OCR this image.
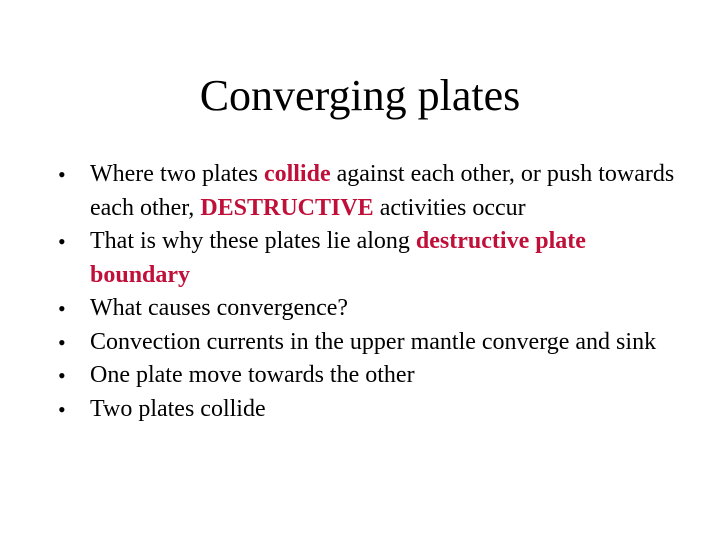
Converging plates
•	Where two plates collide against each other, or push towards each other, DESTRUCTIVE activities occur
•	That is why these plates lie along destructive plate boundary
•	What causes convergence?
•	Convection currents in the upper mantle converge and sink
•	One plate move towards the other
•	Two plates collide
